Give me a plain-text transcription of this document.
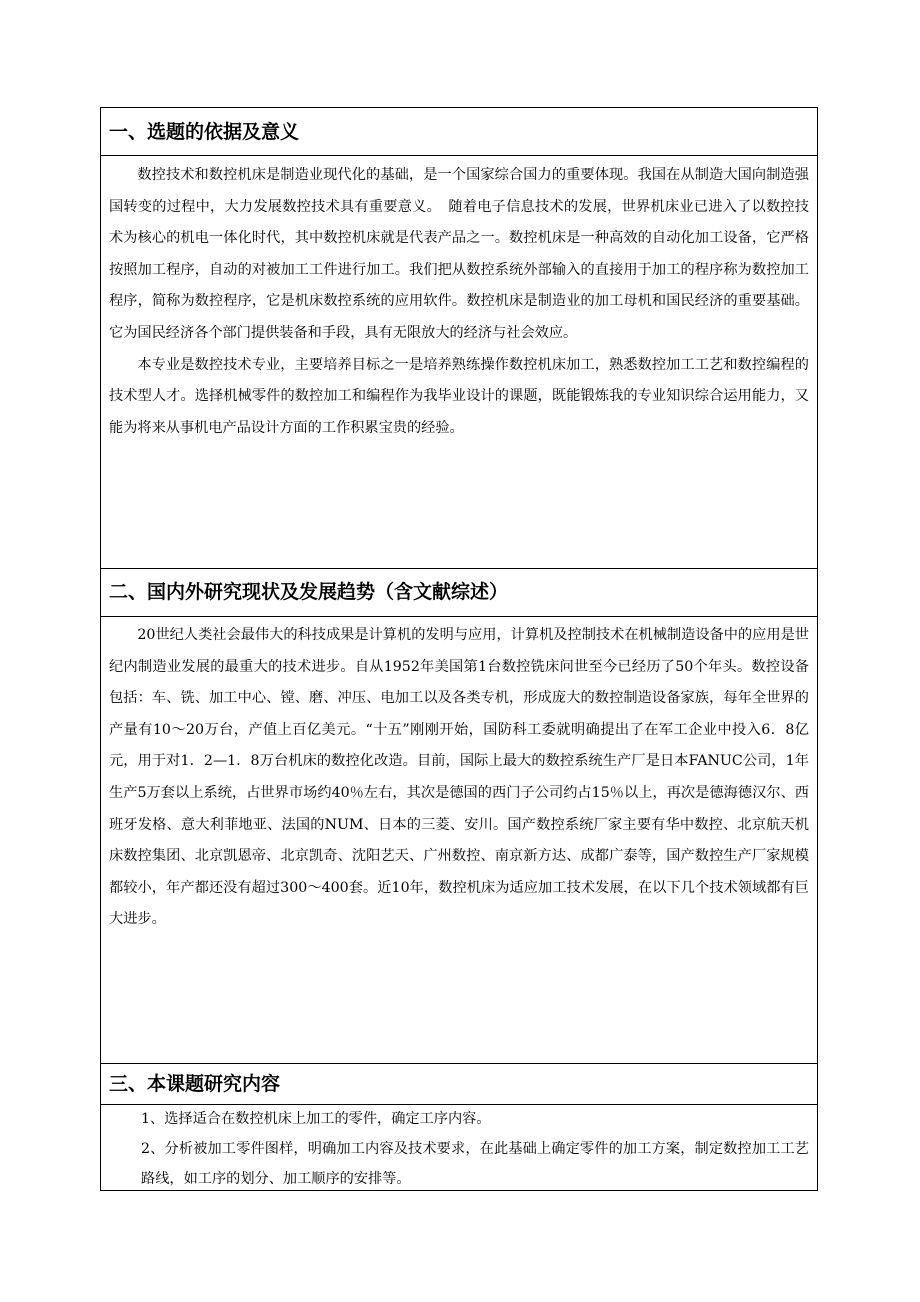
一、选题的依据及意义

数控技术和数控机床是制造业现代化的基础，是一个国家综合国力的重要体现。我国在从制造大国向制造强国转变的过程中，大力发展数控技术具有重要意义。　随着电子信息技术的发展，世界机床业已进入了以数控技术为核心的机电一体化时代，其中数控机床就是代表产品之一。数控机床是一种高效的自动化加工设备，它严格按照加工程序，自动的对被加工工件进行加工。我们把从数控系统外部输入的直接用于加工的程序称为数控加工程序，简称为数控程序，它是机床数控系统的应用软件。数控机床是制造业的加工母机和国民经济的重要基础。它为国民经济各个部门提供装备和手段，具有无限放大的经济与社会效应。

本专业是数控技术专业，主要培养目标之一是培养熟练操作数控机床加工，熟悉数控加工工艺和数控编程的技术型人才。选择机械零件的数控加工和编程作为我毕业设计的课题，既能锻炼我的专业知识综合运用能力，又能为将来从事机电产品设计方面的工作积累宝贵的经验。

二、国内外研究现状及发展趋势（含文献综述）

20世纪人类社会最伟大的科技成果是计算机的发明与应用，计算机及控制技术在机械制造设备中的应用是世纪内制造业发展的最重大的技术进步。自从1952年美国第1台数控铣床问世至今已经历了50个年头。数控设备包括：车、铣、加工中心、镗、磨、冲压、电加工以及各类专机，形成庞大的数控制造设备家族，每年全世界的产量有10～20万台，产值上百亿美元。“十五”刚刚开始，国防科工委就明确提出了在军工企业中投入6．8亿元，用于对1．2—1．8万台机床的数控化改造。目前，国际上最大的数控系统生产厂是日本FANUC公司，1年生产5万套以上系统，占世界市场约40％左右，其次是德国的西门子公司约占15％以上，再次是德海德汉尔、西班牙发格、意大利菲地亚、法国的NUM、日本的三菱、安川。国产数控系统厂家主要有华中数控、北京航天机床数控集团、北京凯恩帝、北京凯奇、沈阳艺天、广州数控、南京新方达、成都广泰等，国产数控生产厂家规模都较小，年产都还没有超过300～400套。近10年，数控机床为适应加工技术发展，在以下几个技术领域都有巨大进步。

三、本课题研究内容
1、选择适合在数控机床上加工的零件，确定工序内容。
2、分析被加工零件图样，明确加工内容及技术要求，在此基础上确定零件的加工方案，制定数控加工工艺路线，如工序的划分、加工顺序的安排等。
